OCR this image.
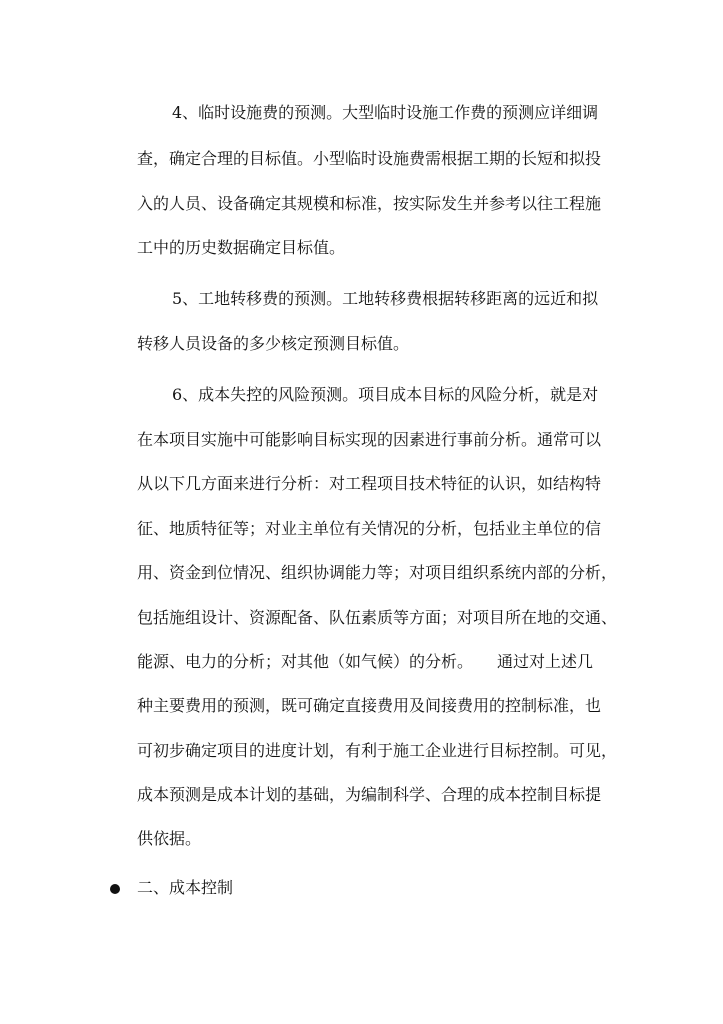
4、临时设施费的预测。大型临时设施工作费的预测应详细调
查，确定合理的目标值。小型临时设施费需根据工期的长短和拟投
入的人员、设备确定其规模和标准，按实际发生并参考以往工程施
工中的历史数据确定目标值。
5、工地转移费的预测。工地转移费根据转移距离的远近和拟
转移人员设备的多少核定预测目标值。
6、成本失控的风险预测。项目成本目标的风险分析，就是对
在本项目实施中可能影响目标实现的因素进行事前分析。通常可以
从以下几方面来进行分析：对工程项目技术特征的认识，如结构特
征、地质特征等；对业主单位有关情况的分析，包括业主单位的信
用、资金到位情况、组织协调能力等；对项目组织系统内部的分析，
包括施组设计、资源配备、队伍素质等方面；对项目所在地的交通、
能源、电力的分析；对其他（如气候）的分析。　　通过对上述几
种主要费用的预测，既可确定直接费用及间接费用的控制标准，也
可初步确定项目的进度计划，有利于施工企业进行目标控制。可见，
成本预测是成本计划的基础，为编制科学、合理的成本控制目标提
供依据。
二、成本控制
